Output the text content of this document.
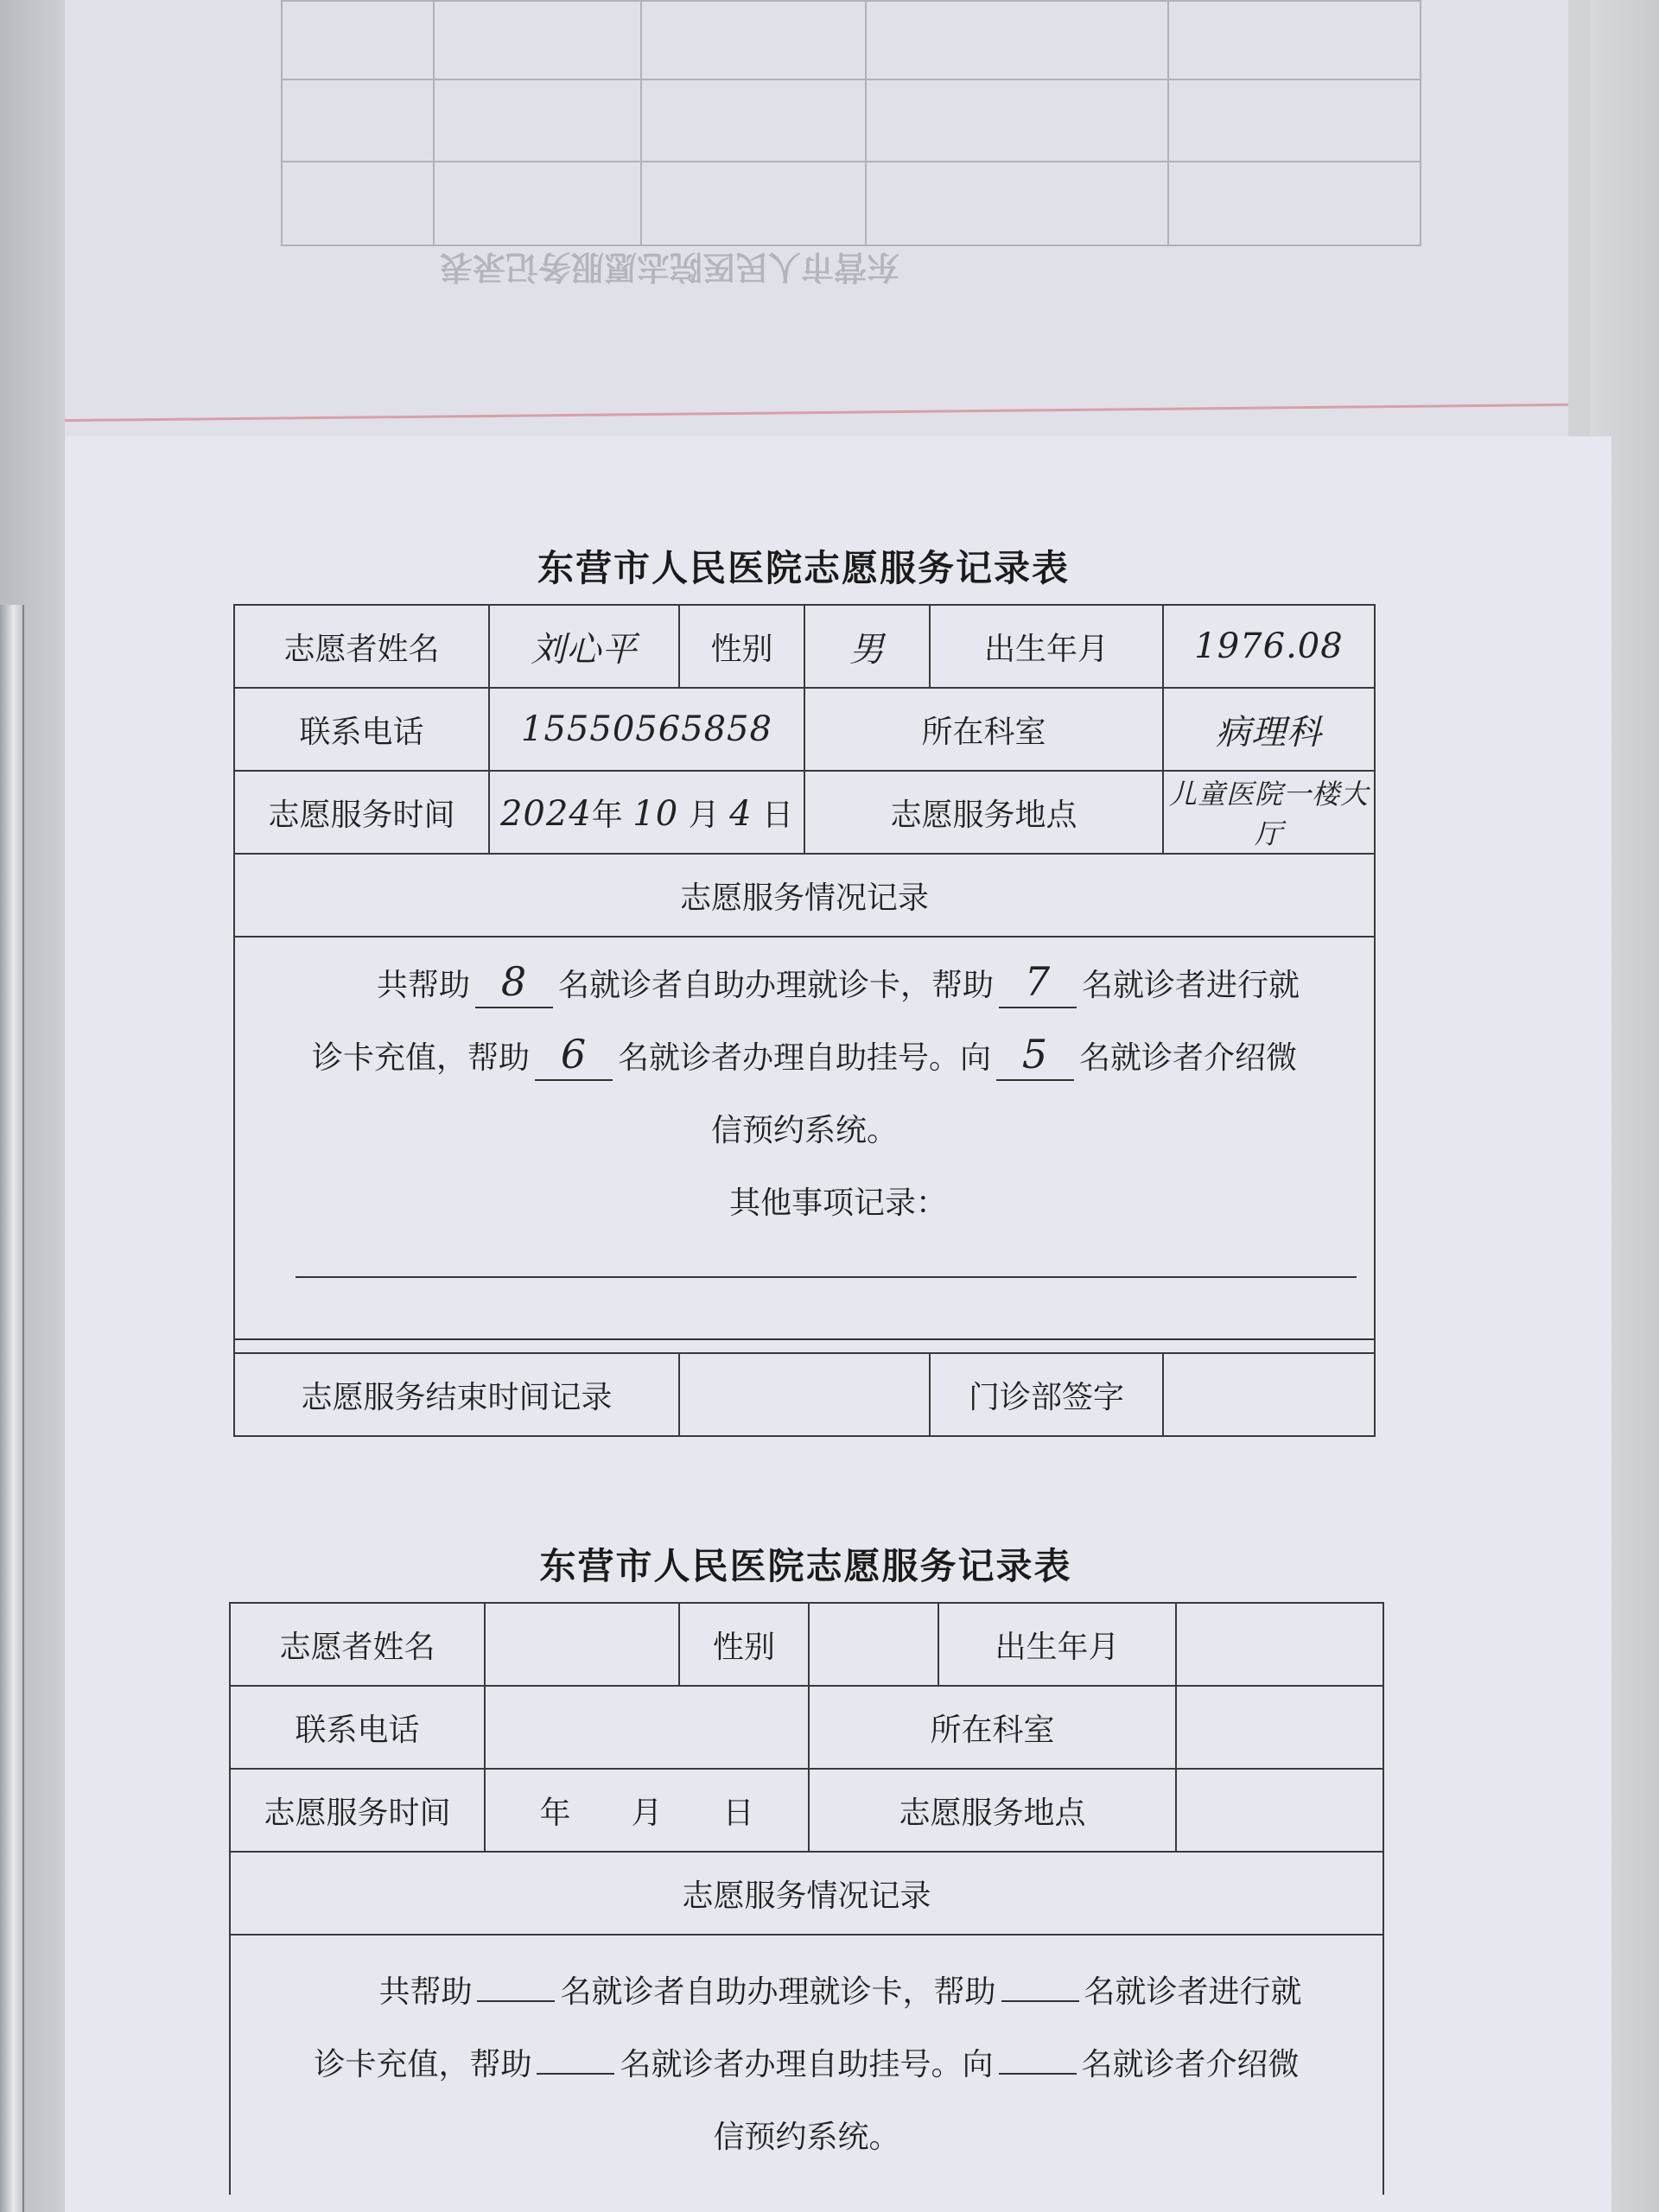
东营市人民医院志愿服务记录表
东营市人民医院志愿服务记录表
志愿者姓名	刘心平	性别	男	出生年月	1976.08
联系电话	15550565858		所在科室		病理科
志愿服务时间	2024年 10 月 4 日		志愿服务地点		儿童医院一楼大厅
志愿服务情况记录					

共帮助 8 名就诊者自助办理就诊卡，帮助 7 名就诊者进行就
诊卡充值，帮助 6 名就诊者办理自助挂号。向 5 名就诊者介绍微
信预约系统。
其他事项记录：					

志愿服务结束时间记录				门诊部签字	
东营市人民医院志愿服务记录表
志愿者姓名		性别		出生年月	
联系电话			所在科室		
志愿服务时间	年 月 日		志愿服务地点		
志愿服务情况记录					

共帮助 名就诊者自助办理就诊卡，帮助 名就诊者进行就
诊卡充值，帮助 名就诊者办理自助挂号。向 名就诊者介绍微
信预约系统。					
